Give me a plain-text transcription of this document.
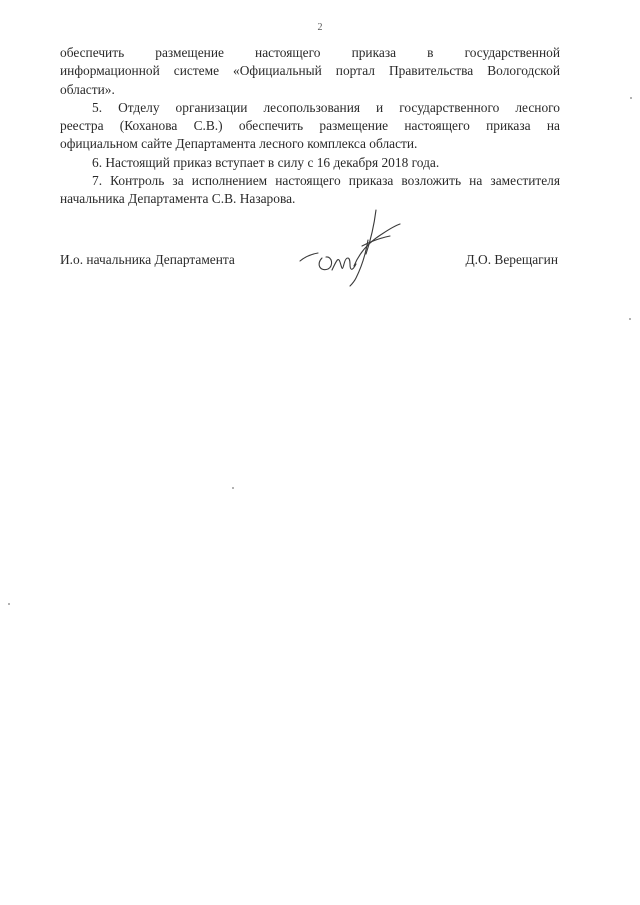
2

обеспечить размещение настоящего приказа в государственной

информационной системе «Официальный портал Правительства Вологодской

области».

5. Отделу организации лесопользования и государственного лесного

реестра (Коханова С.В.) обеспечить размещение настоящего приказа на

официальном сайте Департамента лесного комплекса области.

6. Настоящий приказ вступает в силу с 16 декабря 2018 года.

7. Контроль за исполнением настоящего приказа возложить на заместителя

начальника Департамента С.В. Назарова.

И.о. начальника Департамента	Д.О. Верещагин
